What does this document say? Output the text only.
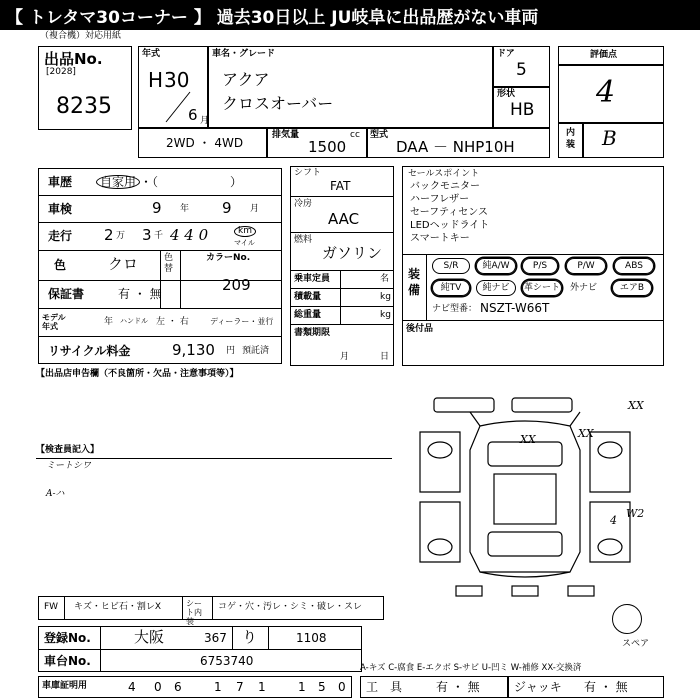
【 トレタマ30コーナー 】 過去30日以上 JU岐阜に出品歴がない車両
（複合機）対応用紙
出品No.
[2028]
8235
年式
H 30
6 月
車名・グレード
アクア
クロスオーバー
ドア
5
形状
HB
評価点
4
内装 B
2WD ・ 4WD
排気量	cc
1500
型式
DAA － NHP10H
車歴	自家用 ・（　　　　　　）
車検	9 年 9 月
走行 2 万 3 千 4 4 0	km
マイル
色	クロ	色替
カラーNo.
209
保証書	有 ・ 無
モデル年式	年 ハンドル 左 ・ 右	ディーラー・並行
リサイクル料金	9,130 円 預託済
シフト
FAT
冷房
AAC
燃料
ガソリン
乗車定員	名
積載量	kg
総重量	kg
書類期限
月	日
セールスポイント
バックモニター
ハーフレザー
セーフティセンス
LEDヘッドライト
スマートキー
装備
S/R	純A/W	P/S	P/W	ABS
純TV	純ナビ	革シート 外ナビ	エアB
ナビ型番： NSZT-W66T
後付品
【出品店申告欄（不良箇所・欠品・注意事項等）】
【検査員記入】
ミートシワ
A-ハ
XX	XX
W2
4
XX
スペア
FW キズ・ヒビ石・割レX	シート内装
コゲ・穴・汚レ・シミ・破レ・スレ
登録No.	大阪	367 り	1108
車台No.	6753740	A-キズ C-腐食 E-エクボ S-サビ U-凹ミ W-補修 XX-交換済
車庫証明用	4 0 6	1 7 1	1 5 0 工　具	有 ・ 無	ジャッキ 有 ・ 無
